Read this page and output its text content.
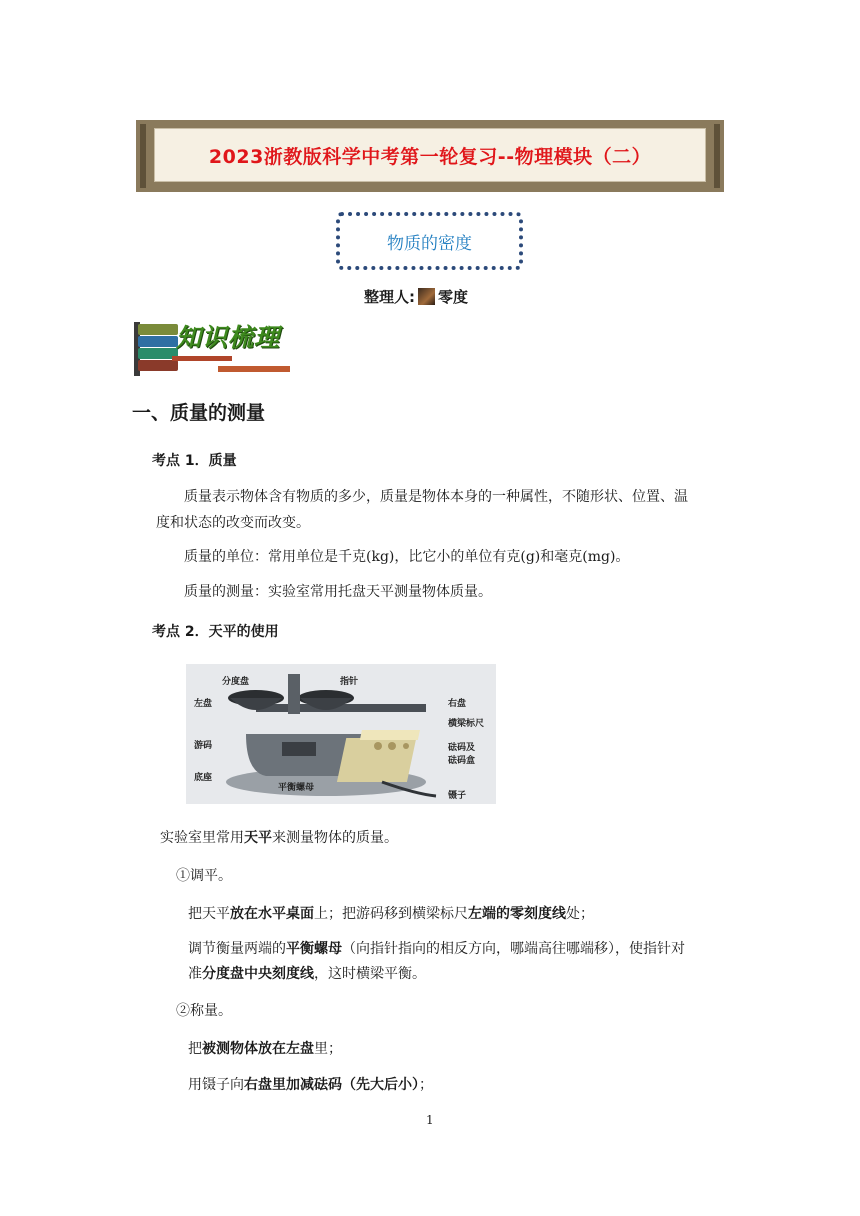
2023浙教版科学中考第一轮复习--物理模块（二）
物质的密度
整理人: 零度
知识梳理
一、质量的测量
考点 1．质量
质量表示物体含有物质的多少，质量是物体本身的一种属性，不随形状、位置、温
度和状态的改变而改变。
质量的单位：常用单位是千克(kg)，比它小的单位有克(g)和毫克(mg)。
质量的测量：实验室常用托盘天平测量物体质量。
考点 2．天平的使用
分度盘	指针
左盘	右盘
横梁标尺
游码	砝码及
砝码盒
底座
平衡螺母
镊子
实验室里常用天平来测量物体的质量。
①调平。
把天平放在水平桌面上；把游码移到横梁标尺左端的零刻度线处；
调节衡量两端的平衡螺母（向指针指向的相反方向，哪端高往哪端移），使指针对
准分度盘中央刻度线，这时横梁平衡。
②称量。
把被测物体放在左盘里；
用镊子向右盘里加减砝码（先大后小）；
1
